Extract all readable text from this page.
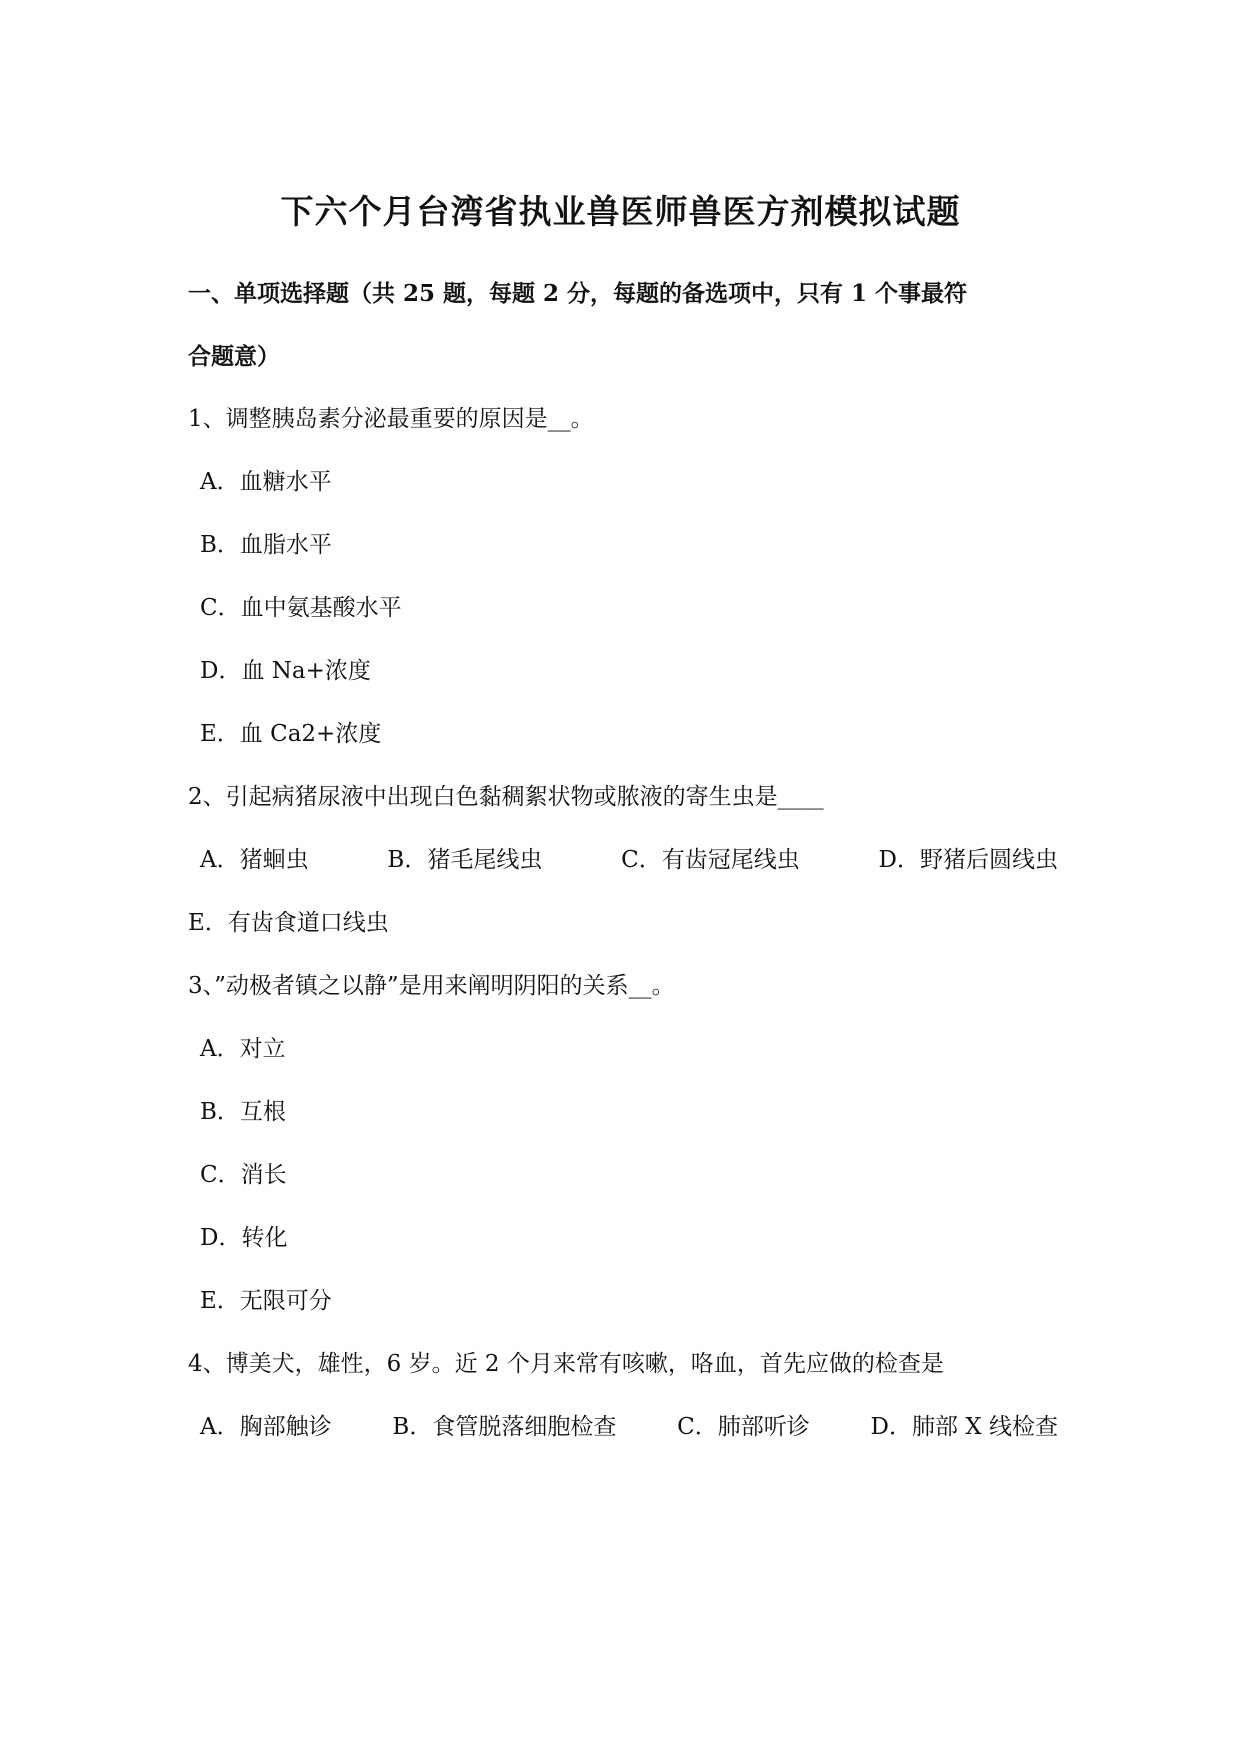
下六个月台湾省执业兽医师兽医方剂模拟试题
一、单项选择题（共 25 题，每题 2 分，每题的备选项中，只有 1 个事最符
合题意）
1、调整胰岛素分泌最重要的原因是__。
A．血糖水平
B．血脂水平
C．血中氨基酸水平
D．血 Na+浓度
E．血 Ca2+浓度
2、引起病猪尿液中出现白色黏稠絮状物或脓液的寄生虫是____
A．猪蛔虫	B．猪毛尾线虫	C．有齿冠尾线虫	D．野猪后圆线虫
E．有齿食道口线虫
3、”动极者镇之以静”是用来阐明阴阳的关系__。
A．对立
B．互根
C．消长
D．转化
E．无限可分
4、博美犬，雄性，6 岁。近 2 个月来常有咳嗽，咯血，首先应做的检查是
A．胸部触诊	B．食管脱落细胞检查	C．肺部听诊	D．肺部 X 线检查
